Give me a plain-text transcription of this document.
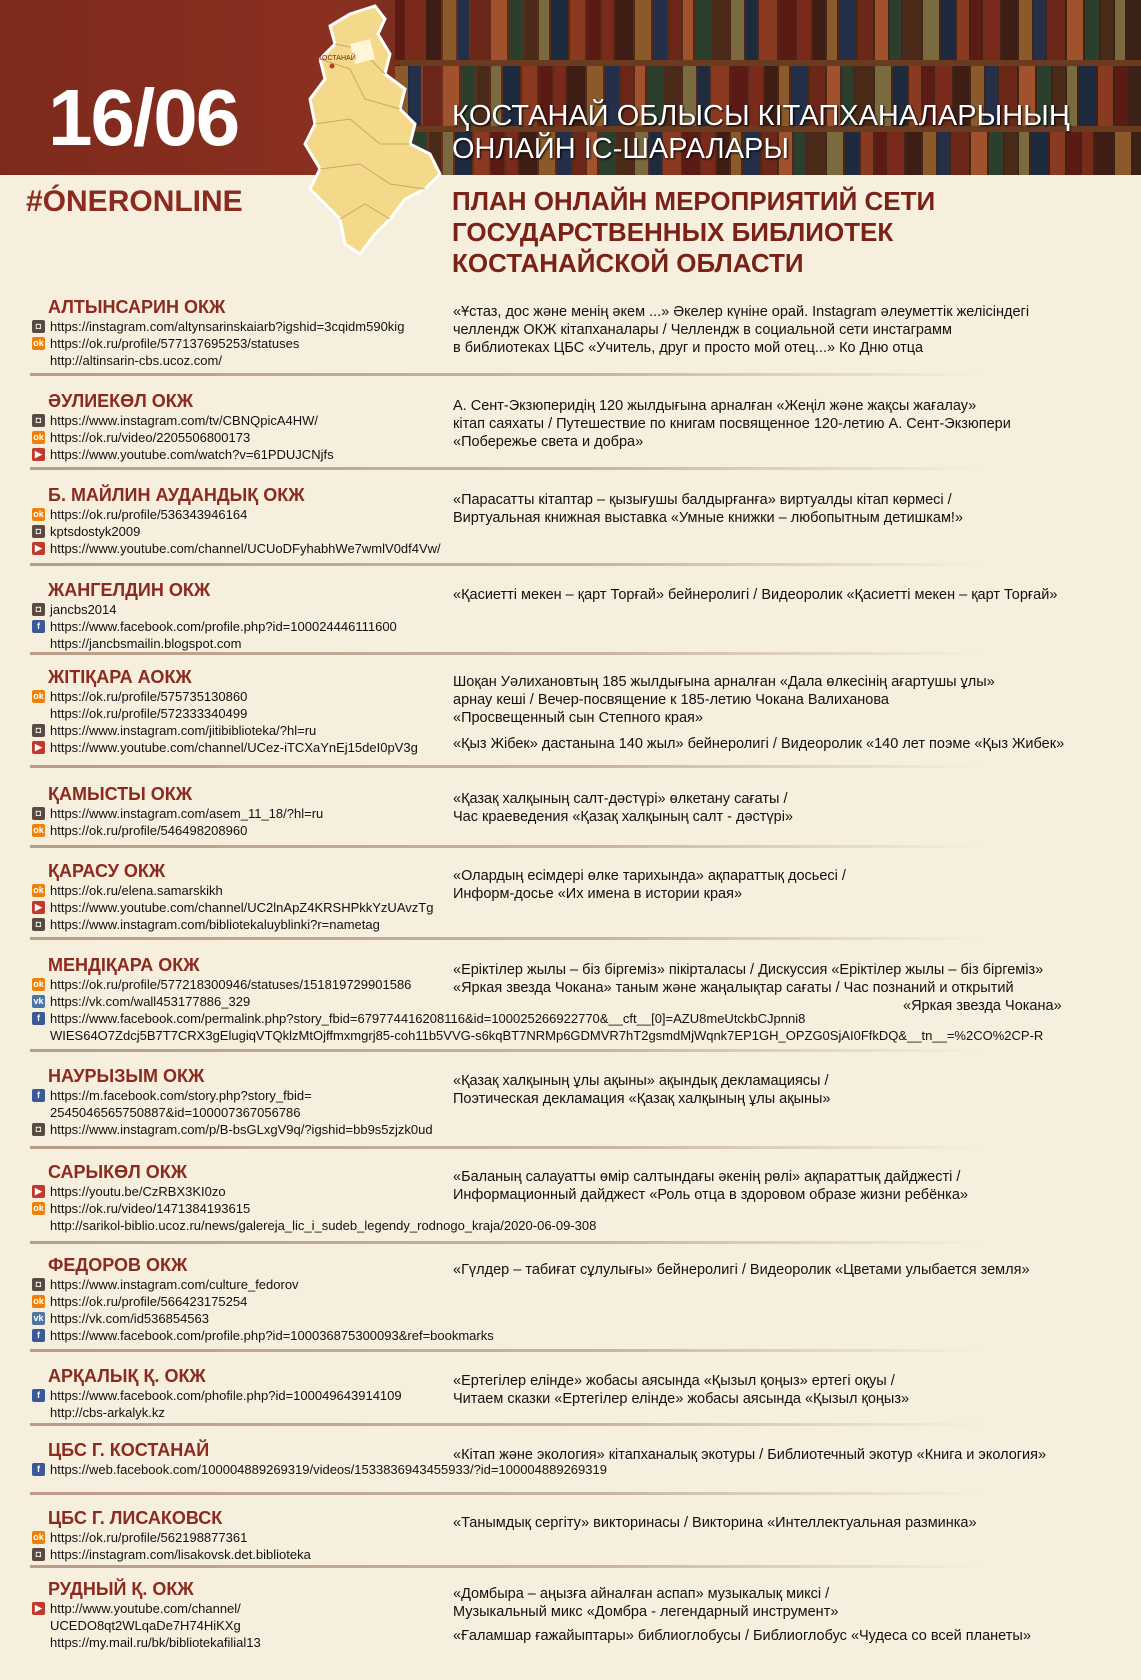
16/06	ҚОСТАНАЙ ОБЛЫСЫ КІТАПХАНАЛАРЫНЫҢ
ОНЛАЙН ІС-ШАРАЛАРЫ
КОСТАНАЙ
#ÓNERONLINE	ПЛАН ОНЛАЙН МЕРОПРИЯТИЙ СЕТИ
ГОСУДАРСТВЕННЫХ БИБЛИОТЕК
КОСТАНАЙСКОЙ ОБЛАСТИ
АЛТЫНСАРИН ОКЖ
◘ https://instagram.com/altynsarinskaiarb?igshid=3cqidm590kig
ok https://ok.ru/profile/577137695253/statuses
http://altinsarin-cbs.ucoz.com/
«Ұстаз, дос және менің әкем ...» Әкелер күніне орай. Instagram әлеуметтік желісіндегі
челлендж ОКЖ кітапханалары / Челлендж в социальной сети инстаграмм
в библиотеках ЦБС «Учитель, друг и просто мой отец...» Ко Дню отца
ӘУЛИЕКӨЛ ОКЖ
◘ https://www.instagram.com/tv/CBNQpicA4HW/
ok https://ok.ru/video/2205506800173
▶ https://www.youtube.com/watch?v=61PDUJCNjfs
А. Сент-Экзюперидің 120 жылдығына арналған «Жеңіл және жақсы жағалау»
кітап саяхаты / Путешествие по книгам посвященное 120-летию А. Сент-Экзюпери
«Побережье света и добра»
Б. МАЙЛИН АУДАНДЫҚ ОКЖ
ok https://ok.ru/profile/536343946164
◘ kptsdostyk2009
▶ https://www.youtube.com/channel/UCUoDFyhabhWe7wmlV0df4Vw/
«Парасатты кітаптар – қызығушы балдырғанға» виртуалды кітап көрмесі /
Виртуальная книжная выставка «Умные книжки – любопытным детишкам!»
ЖАНГЕЛДИН ОКЖ
◘ jancbs2014
f https://www.facebook.com/profile.php?id=100024446111600
https://jancbsmailin.blogspot.com
«Қасиетті мекен – қарт Торғай» бейнеролигі / Видеоролик «Қасиетті мекен – қарт Торғай»
ЖІТІҚАРА АОКЖ
ok https://ok.ru/profile/575735130860
https://ok.ru/profile/572333340499
◘ https://www.instagram.com/jitibiblioteka/?hl=ru
▶ https://www.youtube.com/channel/UCez-iTCXaYnEj15deI0pV3g
Шоқан Уәлихановтың 185 жылдығына арналған «Дала өлкесінің ағартушы ұлы»
арнау кеші / Вечер-посвящение к 185-летию Чокана Валиханова
«Просвещенный сын Степного края»
«Қыз Жібек» дастанына 140 жыл» бейнеролигі / Видеоролик «140 лет поэме «Қыз Жибек»
ҚАМЫСТЫ ОКЖ
◘ https://www.instagram.com/asem_11_18/?hl=ru
ok https://ok.ru/profile/546498208960
«Қазақ халқының салт-дәстүрі» өлкетану сағаты /
Час краеведения «Қазақ халқының салт - дәстүрі»
ҚАРАСУ ОКЖ
ok https://ok.ru/elena.samarskikh
▶ https://www.youtube.com/channel/UC2lnApZ4KRSHPkkYzUAvzTg
◘ https://www.instagram.com/bibliotekaluyblinki?r=nametag
«Олардың есімдері өлке тарихында» ақпараттық досьесі /
Информ-досье «Их имена в истории края»
МЕНДІҚАРА ОКЖ
ok https://ok.ru/profile/577218300946/statuses/151819729901586
vk https://vk.com/wall453177886_329
f https://www.facebook.com/permalink.php?story_fbid=679774416208116&id=100025266922770&__cft__[0]=AZU8meUtckbCJpnni8
WIES64O7Zdcj5B7T7CRX3gElugiqVTQklzMtOjffmxmgrj85-coh11b5VVG-s6kqBT7NRMp6GDMVR7hT2gsmdMjWqnk7EP1GH_OPZG0SjAI0FfkDQ&__tn__=%2CO%2CP-R
«Еріктілер жылы – біз біргеміз» пікірталасы / Дискуссия «Еріктілер жылы – біз біргеміз»
«Яркая звезда Чокана» таным және жаңалықтар сағаты / Час познаний и открытий
«Яркая звезда Чокана»
НАУРЫЗЫМ ОКЖ
f https://m.facebook.com/story.php?story_fbid=
2545046565750887&id=100007367056786
◘ https://www.instagram.com/p/B-bsGLxgV9q/?igshid=bb9s5zjzk0ud
«Қазақ халқының ұлы ақыны» ақындық декламациясы /
Поэтическая декламация «Қазақ халқының ұлы ақыны»
САРЫКӨЛ ОКЖ
▶ https://youtu.be/CzRBX3KI0zo
ok https://ok.ru/video/1471384193615
http://sarikol-biblio.ucoz.ru/news/galereja_lic_i_sudeb_legendy_rodnogo_kraja/2020-06-09-308
«Баланың салауатты өмір салтындағы әкенің рөлі» ақпараттық дайджесті /
Информационный дайджест «Роль отца в здоровом образе жизни ребёнка»
ФЕДОРОВ ОКЖ
◘ https://www.instagram.com/culture_fedorov
ok https://ok.ru/profile/566423175254
vk https://vk.com/id536854563
f https://www.facebook.com/profile.php?id=100036875300093&ref=bookmarks
«Гүлдер – табиғат сұлулығы» бейнеролигі / Видеоролик «Цветами улыбается земля»
АРҚАЛЫҚ Қ. ОКЖ
f https://www.facebook.com/phofile.php?id=100049643914109
http://cbs-arkalyk.kz
«Ертегілер елінде» жобасы аясында «Қызыл қоңыз» ертегі оқуы /
Читаем сказки «Ертегілер елінде» жобасы аясында «Қызыл қоңыз»
ЦБС Г. КОСТАНАЙ
f https://web.facebook.com/100004889269319/videos/1533836943455933/?id=100004889269319
«Кітап және экология» кітапханалық экотуры / Библиотечный экотур «Книга и экология»
ЦБС Г. ЛИСАКОВСК
ok https://ok.ru/profile/562198877361
◘ https://instagram.com/lisakovsk.det.biblioteka
«Танымдық сергіту» викторинасы / Викторина «Интеллектуальная разминка»
РУДНЫЙ Қ. ОКЖ
▶ http://www.youtube.com/channel/
UCEDO8qt2WLqaDe7H74HiKXg
https://my.mail.ru/bk/bibliotekafilial13
«Домбыра – аңызға айналған аспап» музыкалық миксі /
Музыкальный микс «Домбра - легендарный инструмент»
«Ғаламшар ғажайыптары» библиоглобусы / Библиоглобус «Чудеса со всей планеты»
